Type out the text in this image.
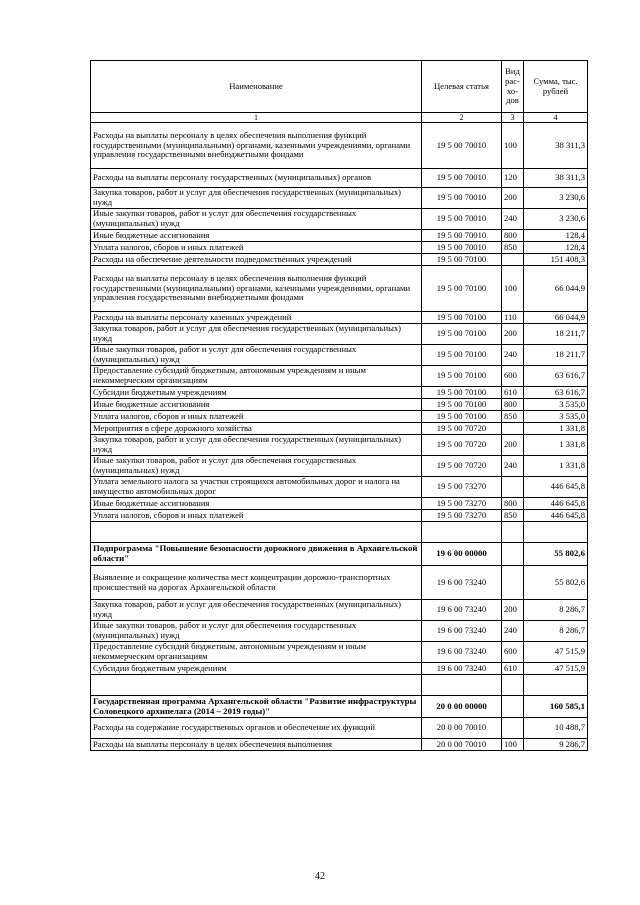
Наименование	Целевая статья	Вид рас-хо-дов	Сумма, тыс. рублей
1	2	3	4
Расходы на выплаты персоналу в целях обеспечения выполнения функций государственными (муниципальными) органами, казенными учреждениями, органами управления государственными внебюджетными фондами	19 5 00 70010	100	38 311,3
Расходы на выплаты персоналу государственных (муниципальных) органов	19 5 00 70010	120	38 311,3
Закупка товаров, работ и услуг для обеспечения государственных (муниципальных) нужд	19 5 00 70010	200	3 230,6
Иные закупки товаров, работ и услуг для обеспечения государственных (муниципальных) нужд	19 5 00 70010	240	3 230,6
Иные бюджетные ассигнования	19 5 00 70010	800	128,4
Уплата налогов, сборов и иных платежей	19 5 00 70010	850	128,4
Расходы на обеспечение деятельности подведомственных учреждений	19 5 00 70100		151 408,3
Расходы на выплаты персоналу в целях обеспечения выполнения функций государственными (муниципальными) органами, казенными учреждениями, органами управления государственными внебюджетными фондами	19 5 00 70100	100	66 044,9
Расходы на выплаты персоналу казенных учреждений	19 5 00 70100	110	66 044,9
Закупка товаров, работ и услуг для обеспечения государственных (муниципальных) нужд	19 5 00 70100	200	18 211,7
Иные закупки товаров, работ и услуг для обеспечения государственных (муниципальных) нужд	19 5 00 70100	240	18 211,7
Предоставление субсидий бюджетным, автономным учреждениям и иным некоммерческим организациям	19 5 00 70100	600	63 616,7
Субсидии бюджетным учреждениям	19 5 00 70100	610	63 616,7
Иные бюджетные ассигнования	19 5 00 70100	800	3 535,0
Уплата налогов, сборов и иных платежей	19 5 00 70100	850	3 535,0
Мероприятия в сфере дорожного хозяйства	19 5 00 70720		1 331,8
Закупка товаров, работ и услуг для обеспечения государственных (муниципальных) нужд	19 5 00 70720	200	1 331,8
Иные закупки товаров, работ и услуг для обеспечения государственных (муниципальных) нужд	19 5 00 70720	240	1 331,8
Уплата земельного налога за участки строящихся автомобильных дорог и налога на имущество автомобильных дорог	19 5 00 73270		446 645,8
Иные бюджетные ассигнования	19 5 00 73270	800	446 645,8
Уплата налогов, сборов и иных платежей	19 5 00 73270	850	446 645,8

Подпрограмма "Повышение безопасности дорожного движения в Архангельской области"	19 6 00 00000		55 802,6
Выявление и сокращение количества мест концентрации дорожно-транспортных происшествий на дорогах Архангельской области	19 6 00 73240		55 802,6
Закупка товаров, работ и услуг для обеспечения государственных (муниципальных) нужд	19 6 00 73240	200	8 286,7
Иные закупки товаров, работ и услуг для обеспечения государственных (муниципальных) нужд	19 6 00 73240	240	8 286,7
Предоставление субсидий бюджетным, автономным учреждениям и иным некоммерческим организациям	19 6 00 73240	600	47 515,9
Субсидии бюджетным учреждениям	19 6 00 73240	610	47 515,9

Государственная программа Архангельской области "Развитие инфраструктуры Соловецкого архипелага (2014 – 2019 годы)"	20 0 00 00000		160 585,1
Расходы на содержание государственных органов и обеспечение их функций	20 0 00 70010		10 488,7
Расходы на выплаты персоналу в целях обеспечения выполнения	20 0 00 70010	100	9 286,7
42
